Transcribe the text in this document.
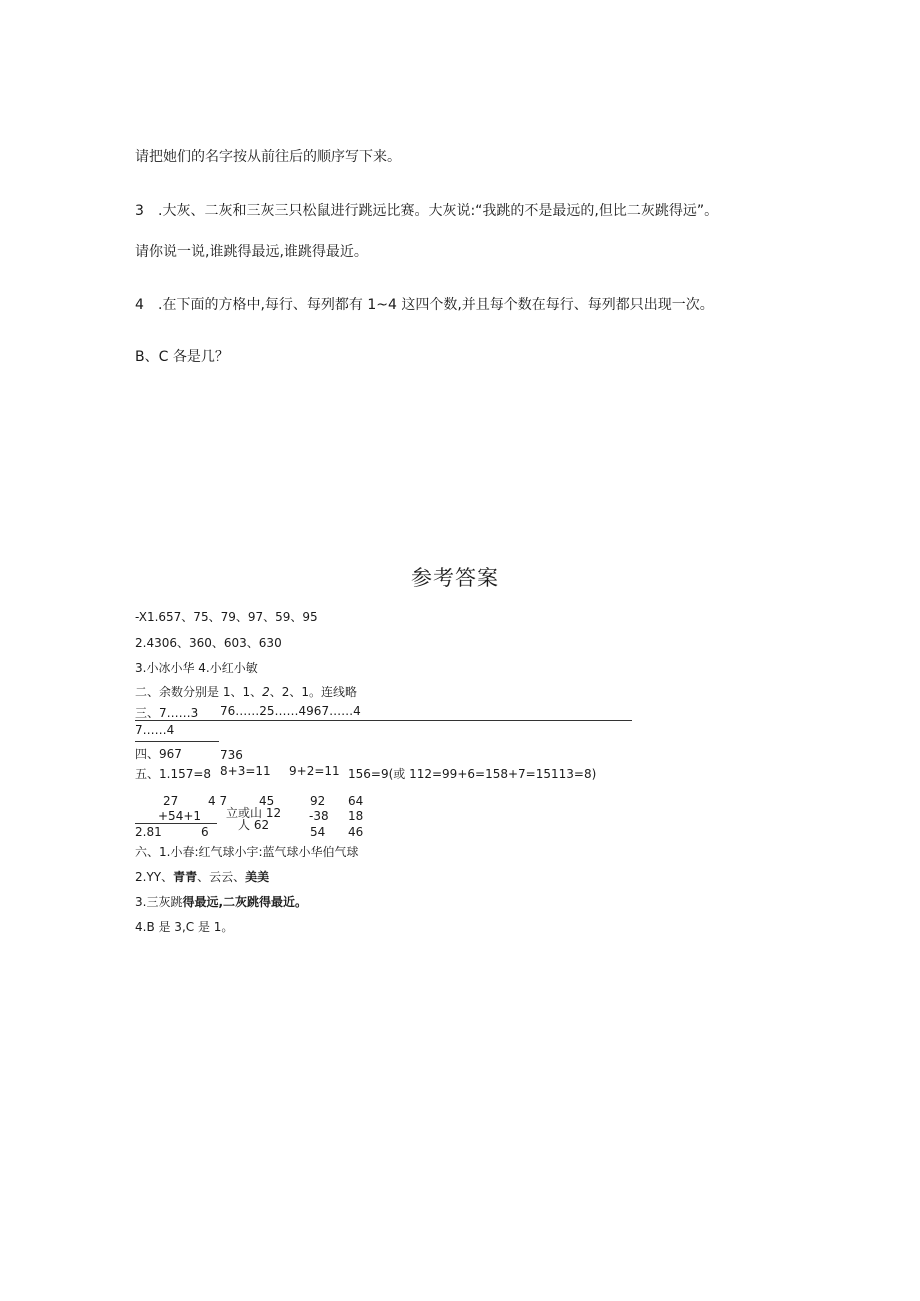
请把她们的名字按从前往后的顺序写下来。
3 .大灰、二灰和三灰三只松鼠进行跳远比赛。大灰说:“我跳的不是最远的,但比二灰跳得远”。
请你说一说,谁跳得最远,谁跳得最近。
4 .在下面的方格中,每行、每列都有 1~4 这四个数,并且每个数在每行、每列都只出现一次。
B、C 各是几？
参考答案
-X1.657、75、79、97、59、95
2.4306、360、603、630
3.小冰小华 4.小红小敏
二、余数分别是 1、1、2、2、1。连线略
三、7……3 76……25……4967……4
7……4
四、967	736
五、1.157=8 8+3=11 9+2=11 156=9(或 112=99+6=158+7=15113=8)
27 4 7	45	92 64
+54+1 立或山 12 -38 18
人 62
2.81	6	54 46
六、1.小春:红气球小宇:蓝气球小华伯气球
2.YY、青青、云云、美美
3.三灰跳得最远,二灰跳得最近。
4.B 是 3,C 是 1。
